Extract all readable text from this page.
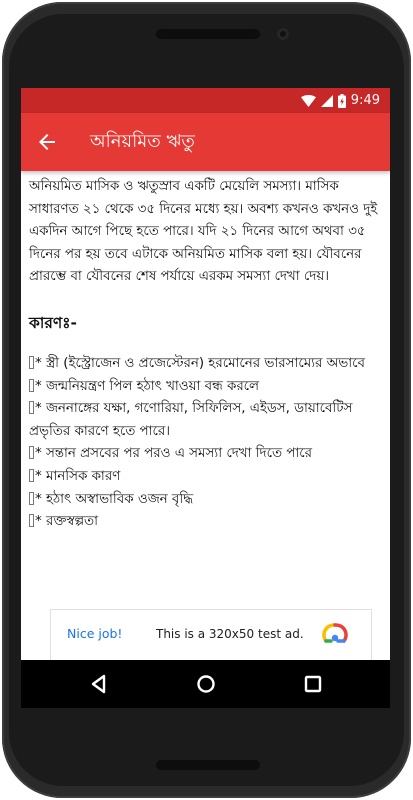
9:49
অনিয়মিত ঋতু

অনিয়মিত মাসিক ও ঋতুস্রাব একটি মেয়েলি সমস্যা। মাসিক সাধারণত ২১ থেকে ৩৫ দিনের মধ্যে হয়। অবশ্য কখনও কখনও দুই একদিন আগে পিছে হতে পারে। যদি ২১ দিনের আগে অথবা ৩৫ দিনের পর হয় তবে এটাকে অনিয়মিত মাসিক বলা হয়। যৌবনের প্রারম্ভে বা যৌবনের শেষ পর্যায়ে এরকম সমস্যা দেখা দেয়।

কারণঃ-
* স্ত্রী (ইস্ট্রোজেন ও প্রজেস্টেরন) হরমোনের ভারসাম্যের অভাবে
* জন্মনিয়ন্ত্রণ পিল হঠাৎ খাওয়া বন্ধ করলে
* জননাঙ্গের যক্ষা, গণোরিয়া, সিফিলিস, এইডস, ডায়াবেটিস প্রভৃতির কারণে হতে পারে।
* সন্তান প্রসবের পর পরও এ সমস্যা দেখা দিতে পারে
* মানসিক কারণ
* হঠাৎ অস্বাভাবিক ওজন বৃদ্ধি
* রক্তস্বল্পতা
Nice job!	This is a 320x50 test ad.
